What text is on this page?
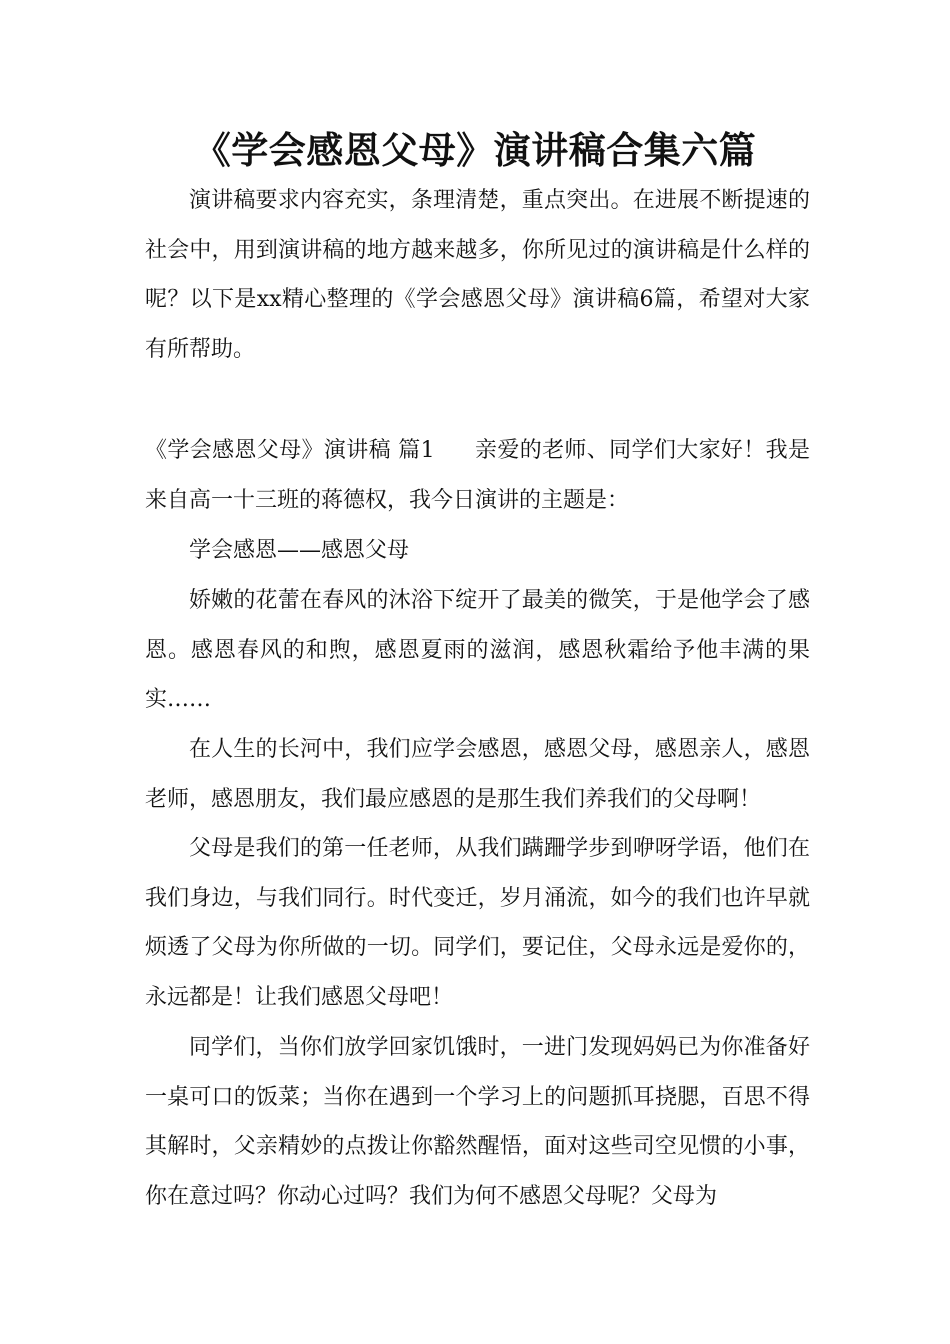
《学会感恩父母》演讲稿合集六篇

演讲稿要求内容充实，条理清楚，重点突出。在进展不断提速的社会中，用到演讲稿的地方越来越多，你所见过的演讲稿是什么样的呢？以下是xx精心整理的《学会感恩父母》演讲稿6篇，希望对大家有所帮助。

《学会感恩父母》演讲稿 篇1 亲爱的老师、同学们大家好！我是来自高一十三班的蒋德权，我今日演讲的主题是：

学会感恩——感恩父母

娇嫩的花蕾在春风的沐浴下绽开了最美的微笑，于是他学会了感恩。感恩春风的和煦，感恩夏雨的滋润，感恩秋霜给予他丰满的果实……

在人生的长河中，我们应学会感恩，感恩父母，感恩亲人，感恩老师，感恩朋友，我们最应感恩的是那生我们养我们的父母啊！

父母是我们的第一任老师，从我们蹒跚学步到咿呀学语，他们在我们身边，与我们同行。时代变迁，岁月涌流，如今的我们也许早就烦透了父母为你所做的一切。同学们，要记住，父母永远是爱你的，永远都是！让我们感恩父母吧！

同学们，当你们放学回家饥饿时，一进门发现妈妈已为你准备好一桌可口的饭菜；当你在遇到一个学习上的问题抓耳挠腮，百思不得其解时，父亲精妙的点拨让你豁然醒悟，面对这些司空见惯的小事，你在意过吗？你动心过吗？我们为何不感恩父母呢？父母为
